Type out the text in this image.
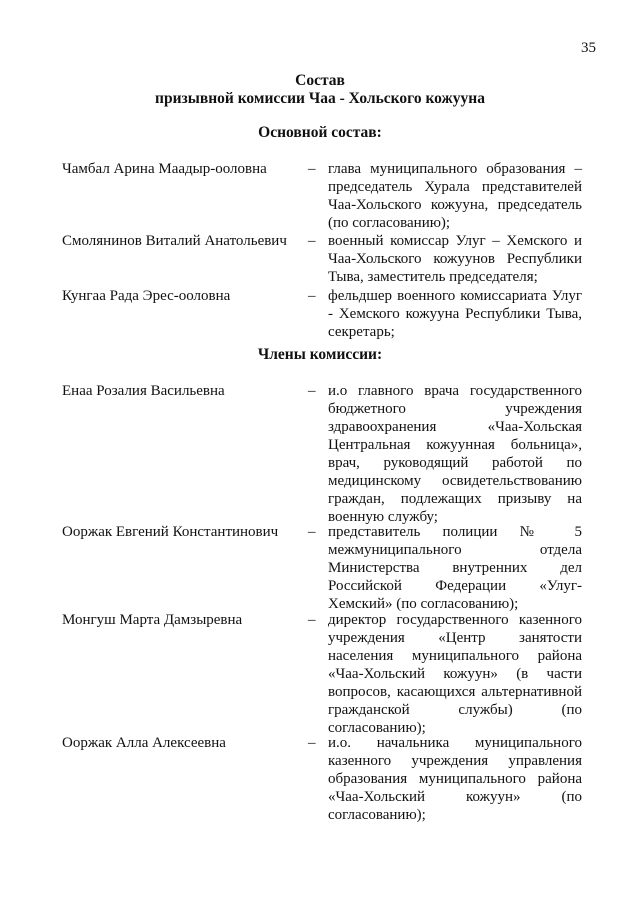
35
Состав
призывной комиссии Чаа - Хольского кожууна
Основной состав:
Чамбал Арина Маадыр-ооловна	– глава муниципального образования – председатель Хурала представителей Чаа-Хольского кожууна, председатель (по согласованию);
Смолянинов Виталий Анатольевич – военный комиссар Улуг – Хемского и Чаа-Хольского кожуунов Республики Тыва, заместитель председателя;
Кунгаа Рада Эрес-ооловна	– фельдшер военного комиссариата Улуг - Хемского кожууна Республики Тыва, секретарь;
Члены комиссии:
Енаа Розалия Васильевна	– и.о главного врача государственного бюджетного учреждения здравоохранения «Чаа-Хольская Центральная кожуунная больница», врач, руководящий работой по медицинскому освидетельствованию граждан, подлежащих призыву на военную службу;
Ооржак Евгений Константинович – представитель полиции № 5 межмуниципального отдела Министерства внутренних дел Российской Федерации «Улуг-Хемский» (по согласованию);
Монгуш Марта Дамзыревна	– директор государственного казенного учреждения «Центр занятости населения муниципального района «Чаа-Хольский кожуун» (в части вопросов, касающихся альтернативной гражданской службы) (по согласованию);
Ооржак Алла Алексеевна	– и.о. начальника муниципального казенного учреждения управления образования муниципального района «Чаа-Хольский кожуун» (по согласованию);
